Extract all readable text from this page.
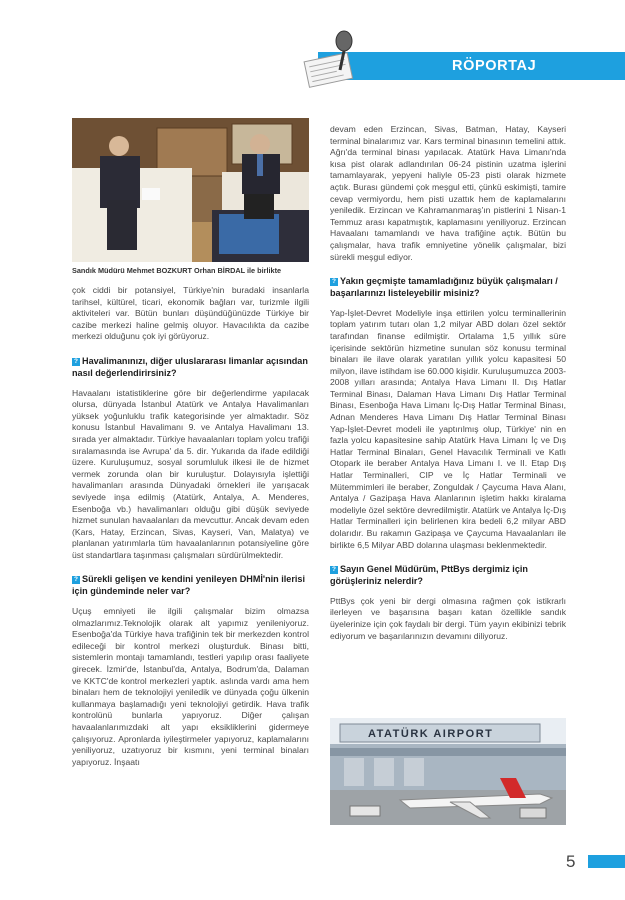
RÖPORTAJ
Sandık Müdürü Mehmet BOZKURT Orhan BİRDAL ile birlikte

çok ciddi bir potansiyel, Türkiye'nin buradaki insanlarla tarihsel, kültürel, ticari, ekonomik bağları var, turizmle ilgili aktiviteleri var. Bütün bunları düşündüğünüzde Türkiye bir cazibe merkezi haline gelmiş oluyor. Havacılıkta da cazibe merkezi olduğunu çok iyi görüyoruz.

? Havalimanınızı, diğer uluslararası limanlar açısından nasıl değerlendirirsiniz?

Havaalanı istatistiklerine göre bir değerlendirme yapılacak olursa, dünyada İstanbul Atatürk ve Antalya Havalimanları yüksek yoğunluklu trafik kategorisinde yer almaktadır. Söz konusu İstanbul Havalimanı 9. ve Antalya Havalimanı 13. sırada yer almaktadır. Türkiye havaalanları toplam yolcu trafiği sıralamasında ise Avrupa' da 5. dir. Yukarıda da ifade edildiği üzere. Kuruluşumuz, sosyal sorumluluk ilkesi ile de hizmet vermek zorunda olan bir kuruluştur. Dolayısıyla işlettiği havalimanları arasında Dünyadaki örnekleri ile yarışacak seviyede inşa edilmiş (Atatürk, Antalya, A. Menderes, Esenboğa vb.) havalimanları olduğu gibi düşük seviyede hizmet sunulan havaalanları da mevcuttur. Ancak devam eden (Kars, Hatay, Erzincan, Sivas, Kayseri, Van, Malatya) ve planlanan yatırımlarla tüm havaalanlarının potansiyeline göre üst standartlara taşınması çalışmaları sürdürülmektedir.

? Sürekli gelişen ve kendini yenileyen DHMİ'nin ilerisi için gündeminde neler var?

Uçuş emniyeti ile ilgili çalışmalar bizim olmazsa olmazlarımız.Teknolojik olarak alt yapımız yenileniyoruz. Esenboğa'da Türkiye hava trafiğinin tek bir merkezden kontrol edileceği bir kontrol merkezi oluşturduk. Binası bitti, sistemlerin montajı tamamlandı, testleri yapılıp orası faaliyete girecek. İzmir'de, İstanbul'da, Antalya, Bodrum'da, Dalaman ve KKTC'de kontrol merkezleri yaptık. aslında vardı ama hem binaları hem de teknolojiyi yeniledik ve dünyada çoğu ülkenin kullanmaya başlamadığı yeni teknolojiyi getirdik. Hava trafik kontrolünü bunlarla yapıyoruz. Diğer çalışan havaalanlarımızdaki alt yapı eksikliklerini gidermeye çalışıyoruz. Apronlarda iyileştirmeler yapıyoruz, kaplamalarını yeniliyoruz, uzatıyoruz bir kısmını, yeni terminal binaları yapıyoruz. İnşaatı

devam eden Erzincan, Sivas, Batman, Hatay, Kayseri terminal binalarımız var. Kars terminal binasının temelini attık. Ağrı'da terminal binası yapılacak. Atatürk Hava Limanı'nda kısa pist olarak adlandırılan 06-24 pistinin uzatma işlerini tamamlayarak, yepyeni haliyle 05-23 pisti olarak hizmete açtık. Burası gündemi çok meşgul etti, çünkü eskimişti, tamire cevap vermiyordu, hem pisti uzattık hem de kaplamalarını yeniledik. Erzincan ve Kahramanmaraş'ın pistlerini 1 Nisan-1 Temmuz arası kapatmıştık, kaplamasını yeniliyoruz. Erzincan Havaalanı tamamlandı ve hava trafiğine açtık. Bütün bu çalışmalar, hava trafik emniyetine yönelik çalışmalar, bizi sürekli meşgul ediyor.

? Yakın geçmişte tamamladığınız büyük çalışmaları / başarılarınızı listeleyebilir misiniz?

Yap-İşlet-Devret Modeliyle inşa ettirilen yolcu terminallerinin toplam yatırım tutarı olan 1,2 milyar ABD doları özel sektör tarafından finanse edilmiştir. Ortalama 1,5 yıllık süre içerisinde sektörün hizmetine sunulan söz konusu terminal binaları ile ilave olarak yaratılan yıllık yolcu kapasitesi 50 milyon, ilave istihdam ise 60.000 kişidir. Kuruluşumuzca 2003-2008 yılları arasında; Antalya Hava Limanı II. Dış Hatlar Terminal Binası, Dalaman Hava Limanı Dış Hatlar Terminal Binası, Esenboğa Hava Limanı İç-Dış Hatlar Terminal Binası, Adnan Menderes Hava Limanı Dış Hatlar Terminal Binası Yap-İşlet-Devret modeli ile yaptırılmış olup, Türkiye' nin en fazla yolcu kapasitesine sahip Atatürk Hava Limanı İç ve Dış Hatlar Terminal Binaları, Genel Havacılık Terminali ve Katlı Otopark ile beraber Antalya Hava Limanı I. ve II. Etap Dış Hatlar Terminalleri, CIP ve İç Hatlar Terminali ve Mütemmimleri ile beraber, Zonguldak / Çaycuma Hava Alanı, Antalya / Gazipaşa Hava Alanlarının işletim hakkı kiralama modeliyle özel sektöre devredilmiştir. Atatürk ve Antalya İç-Dış Hatlar Terminalleri için belirlenen kira bedeli 6,2 milyar ABD dolarıdır. Bu rakamın Gazipaşa ve Çaycuma Havaalanları ile birlikte 6,5 Milyar ABD dolarına ulaşması beklenmektedir.

? Sayın Genel Müdürüm, PttBys dergimiz için görüşleriniz nelerdir?

PttBys çok yeni bir dergi olmasına rağmen çok istikrarlı ilerleyen ve başarısına başarı katan özellikle sandık üyelerinize için çok faydalı bir dergi. Tüm yayın ekibinizi tebrik ediyorum ve başarılarınızın devamını diliyoruz.

ATATÜRK AIRPORT
5
